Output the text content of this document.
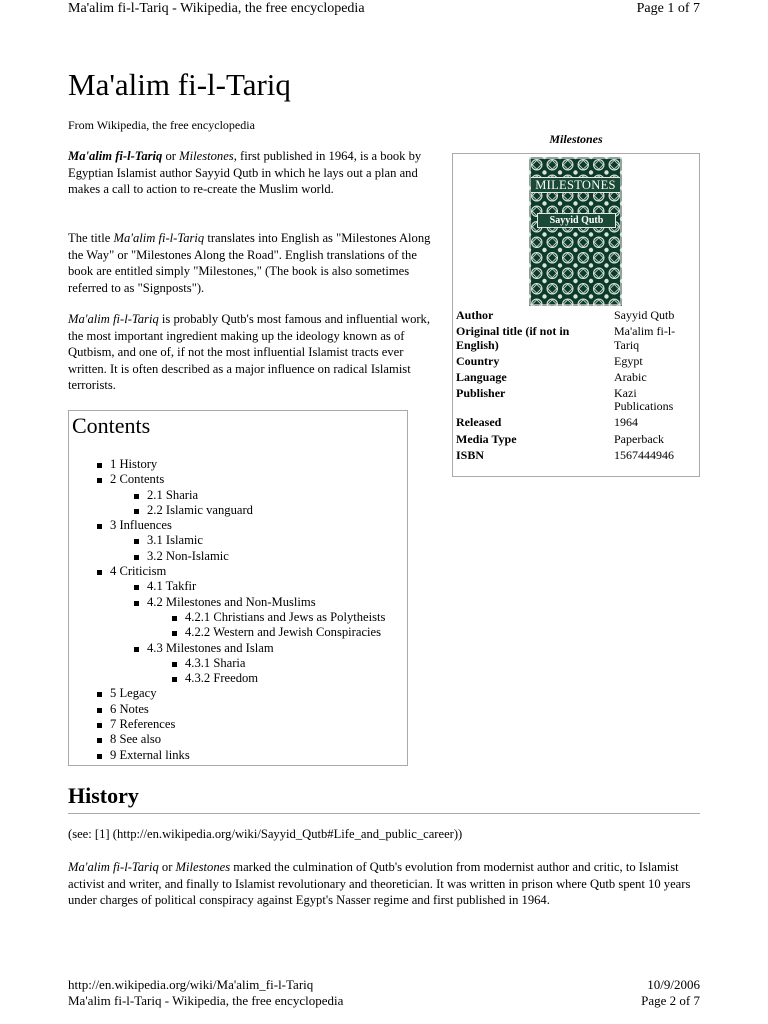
Ma'alim fi-l-Tariq - Wikipedia, the free encyclopedia	Page 1 of 7
Ma'alim fi-l-Tariq
From Wikipedia, the free encyclopedia

Ma'alim fi-l-Tariq or Milestones, first published in 1964, is a book by Egyptian Islamist author Sayyid Qutb in which he lays out a plan and makes a call to action to re-create the Muslim world.

The title Ma'alim fi-l-Tariq translates into English as "Milestones Along the Way" or "Milestones Along the Road". English translations of the book are entitled simply "Milestones," (The book is also sometimes referred to as "Signposts").

Ma'alim fi-l-Tariq is probably Qutb's most famous and influential work, the most important ingredient making up the ideology known as of Qutbism, and one of, if not the most influential Islamist tracts ever written. It is often described as a major influence on radical Islamist terrorists.

Milestones
MILESTONES
Sayyid Qutb
Author	Sayyid Qutb
Original title (if not in English)	Ma'alim fi-l-Tariq
Country	Egypt
Language	Arabic
Publisher	Kazi Publications
Released	1964
Media Type	Paperback
ISBN	1567444946
Contents
1 History
2 Contents
2.1 Sharia
2.2 Islamic vanguard
3 Influences
3.1 Islamic
3.2 Non-Islamic
4 Criticism
4.1 Takfir
4.2 Milestones and Non-Muslims
4.2.1 Christians and Jews as Polytheists
4.2.2 Western and Jewish Conspiracies
4.3 Milestones and Islam
4.3.1 Sharia
4.3.2 Freedom
5 Legacy
6 Notes
7 References
8 See also
9 External links
History

(see: [1] (http://en.wikipedia.org/wiki/Sayyid_Qutb#Life_and_public_career))

Ma'alim fi-l-Tariq or Milestones marked the culmination of Qutb's evolution from modernist author and critic, to Islamist activist and writer, and finally to Islamist revolutionary and theoretician. It was written in prison where Qutb spent 10 years under charges of political conspiracy against Egypt's Nasser regime and first published in 1964.

http://en.wikipedia.org/wiki/Ma'alim_fi-l-Tariq
Ma'alim fi-l-Tariq - Wikipedia, the free encyclopedia
10/9/2006
Page 2 of 7
